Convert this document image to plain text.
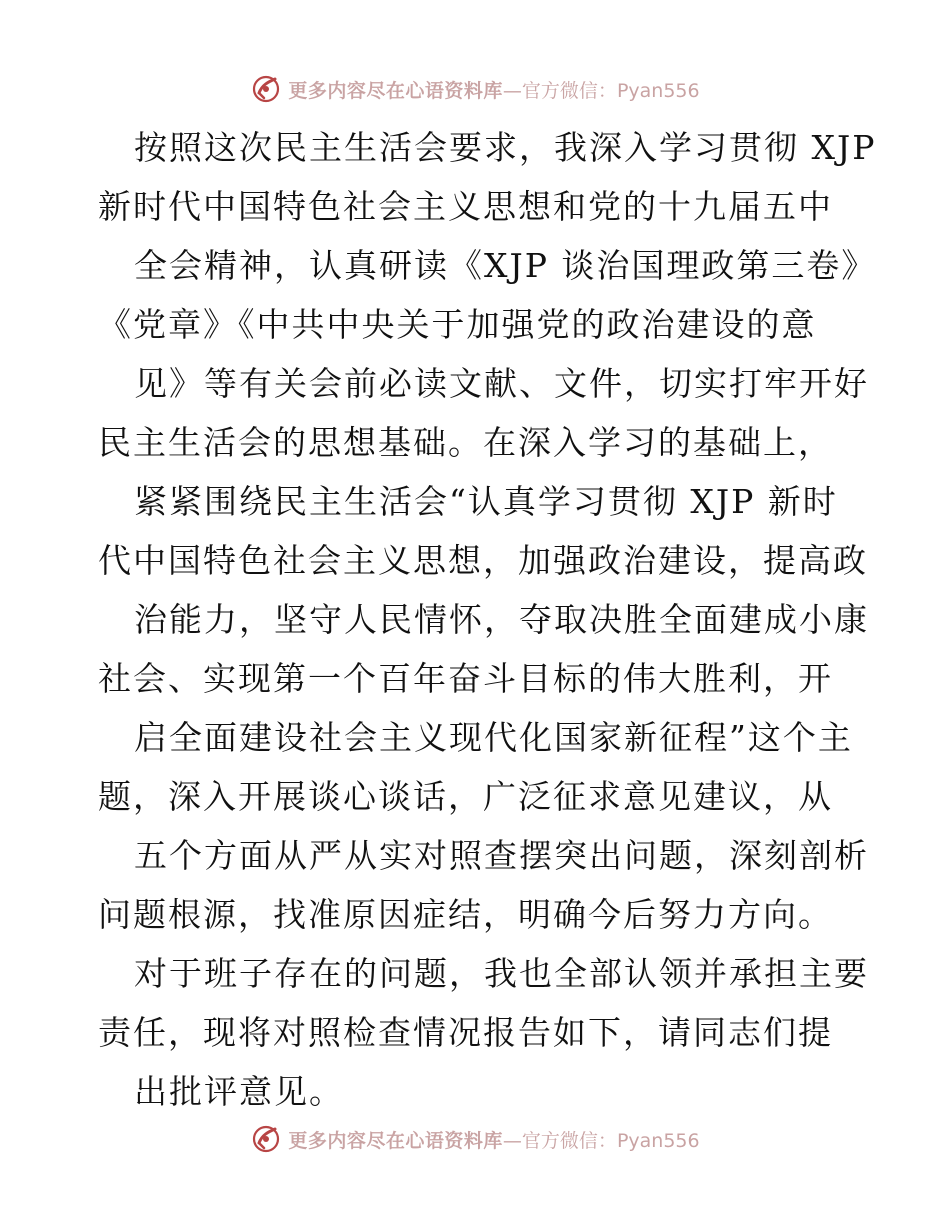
更多内容尽在心语资料库 —官方微信： Pyan556
按照这次民主生活会要求，我深入学习贯彻 XJP
新时代中国特色社会主义思想和党的十九届五中
全会精神，认真研读《XJP 谈治国理政第三卷》
《党章》《中共中央关于加强党的政治建设的意
见》等有关会前必读文献、文件，切实打牢开好
民主生活会的思想基础。在深入学习的基础上，
紧紧围绕民主生活会“认真学习贯彻 XJP 新时
代中国特色社会主义思想，加强政治建设，提高政
治能力，坚守人民情怀，夺取决胜全面建成小康
社会、实现第一个百年奋斗目标的伟大胜利，开
启全面建设社会主义现代化国家新征程”这个主
题，深入开展谈心谈话，广泛征求意见建议，从
五个方面从严从实对照查摆突出问题，深刻剖析
问题根源，找准原因症结，明确今后努力方向。
对于班子存在的问题，我也全部认领并承担主要
责任，现将对照检查情况报告如下，请同志们提
出批评意见。
更多内容尽在心语资料库 —官方微信： Pyan556
